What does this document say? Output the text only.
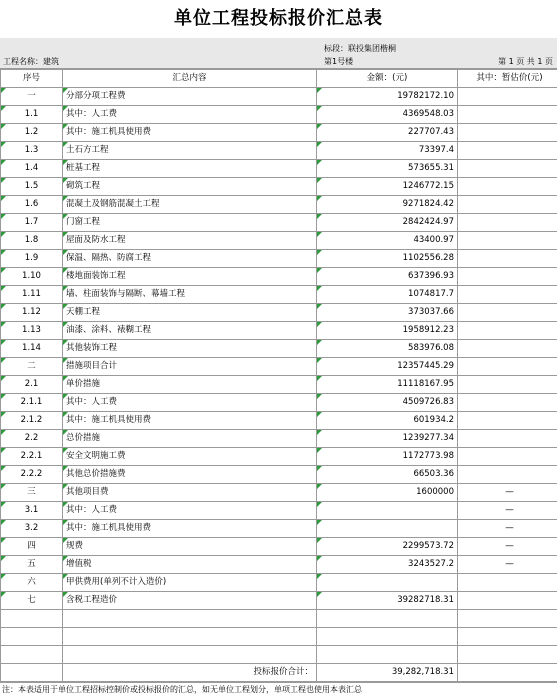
单位工程投标报价汇总表
工程名称：建筑
标段：联投集团楷桐
第1号楼	第 1 页 共 1 页
序号	汇总内容	金额：(元)	其中：暂估价(元)
一	分部分项工程费	19782172.10	
1.1	其中：人工费	4369548.03	
1.2	其中：施工机具使用费	227707.43	
1.3	土石方工程	73397.4	
1.4	桩基工程	573655.31	
1.5	砌筑工程	1246772.15	
1.6	混凝土及钢筋混凝土工程	9271824.42	
1.7	门窗工程	2842424.97	
1.8	屋面及防水工程	43400.97	
1.9	保温、隔热、防腐工程	1102556.28	
1.10	楼地面装饰工程	637396.93	
1.11	墙、柱面装饰与隔断、幕墙工程	1074817.7	
1.12	天棚工程	373037.66	
1.13	油漆、涂料、裱糊工程	1958912.23	
1.14	其他装饰工程	583976.08	
二	措施项目合计	12357445.29	
2.1	单价措施	11118167.95	
2.1.1	其中：人工费	4509726.83	
2.1.2	其中：施工机具使用费	601934.2	
2.2	总价措施	1239277.34	
2.2.1	安全文明施工费	1172773.98	
2.2.2	其他总价措施费	66503.36	
三	其他项目费	1600000	—
3.1	其中：人工费		—
3.2	其中：施工机具使用费		—
四	规费	2299573.72	—
五	增值税	3243527.2	—
六	甲供费用(单列不计入造价)		
七	含税工程造价	39282718.31	

	投标报价合计：	39,282,718.31	
注：本表适用于单位工程招标控制价或投标报价的汇总，如无单位工程划分，单项工程也使用本表汇总
